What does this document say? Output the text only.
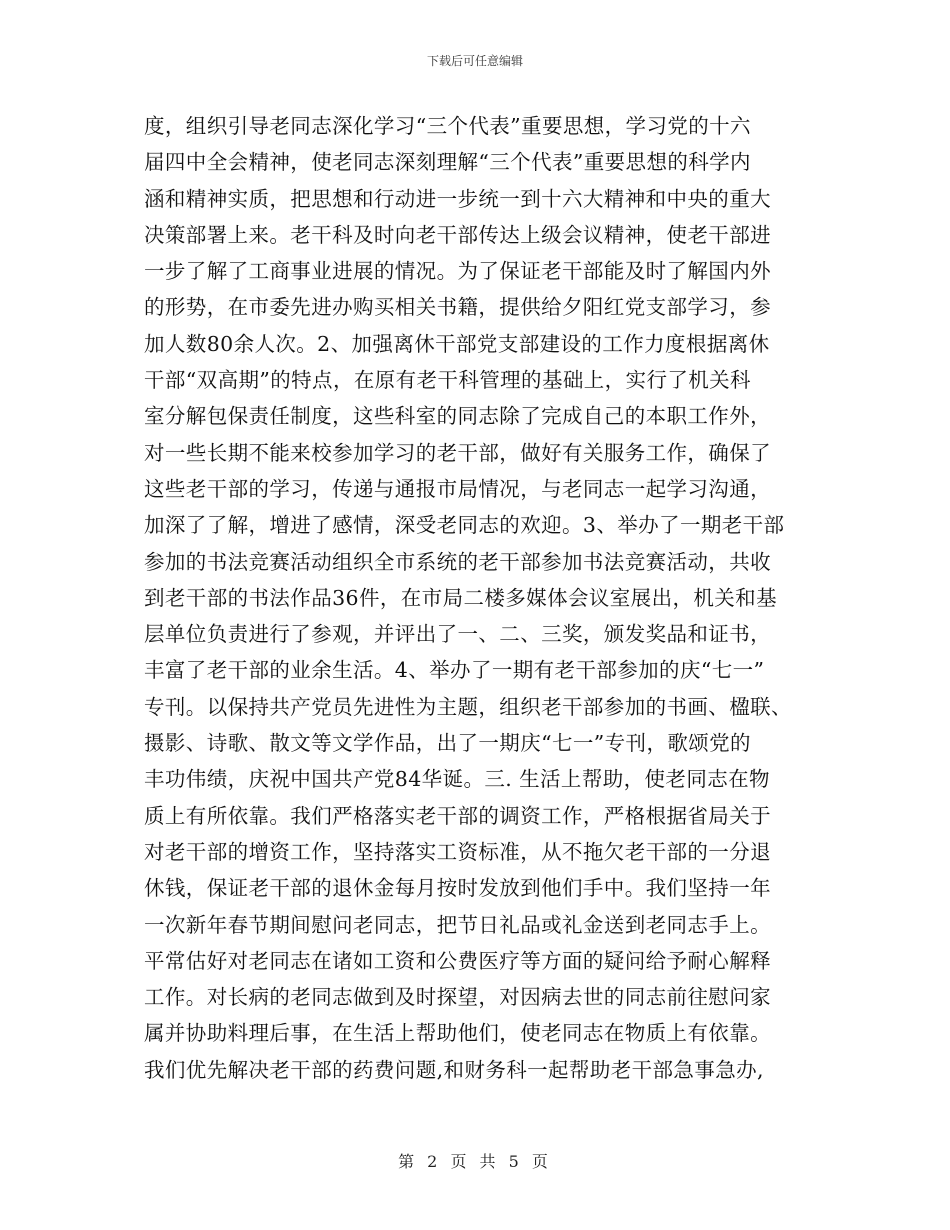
下载后可任意编辑
度，组织引导老同志深化学习“三个代表”重要思想，学习党的十六
届四中全会精神，使老同志深刻理解“三个代表”重要思想的科学内
涵和精神实质，把思想和行动进一步统一到十六大精神和中央的重大
决策部署上来。老干科及时向老干部传达上级会议精神，使老干部进
一步了解了工商事业进展的情况。为了保证老干部能及时了解国内外
的形势，在市委先进办购买相关书籍，提供给夕阳红党支部学习，参
加人数80余人次。2、加强离休干部党支部建设的工作力度根据离休
干部“双高期”的特点，在原有老干科管理的基础上，实行了机关科
室分解包保责任制度，这些科室的同志除了完成自己的本职工作外，
对一些长期不能来校参加学习的老干部，做好有关服务工作，确保了
这些老干部的学习，传递与通报市局情况，与老同志一起学习沟通，
加深了了解，增进了感情，深受老同志的欢迎。3、举办了一期老干部
参加的书法竞赛活动组织全市系统的老干部参加书法竞赛活动，共收
到老干部的书法作品36件，在市局二楼多媒体会议室展出，机关和基
层单位负责进行了参观，并评出了一、二、三奖，颁发奖品和证书，
丰富了老干部的业余生活。4、举办了一期有老干部参加的庆“七一”
专刊。以保持共产党员先进性为主题，组织老干部参加的书画、楹联、
摄影、诗歌、散文等文学作品，出了一期庆“七一”专刊，歌颂党的
丰功伟绩，庆祝中国共产党84华诞。三. 生活上帮助，使老同志在物
质上有所依靠。我们严格落实老干部的调资工作，严格根据省局关于
对老干部的增资工作，坚持落实工资标准，从不拖欠老干部的一分退
休钱，保证老干部的退休金每月按时发放到他们手中。我们坚持一年
一次新年春节期间慰问老同志，把节日礼品或礼金送到老同志手上。
平常估好对老同志在诸如工资和公费医疗等方面的疑问给予耐心解释
工作。对长病的老同志做到及时探望，对因病去世的同志前往慰问家
属并协助料理后事，在生活上帮助他们，使老同志在物质上有依靠。
我们优先解决老干部的药费问题,和财务科一起帮助老干部急事急办,
第 2 页 共 5 页
